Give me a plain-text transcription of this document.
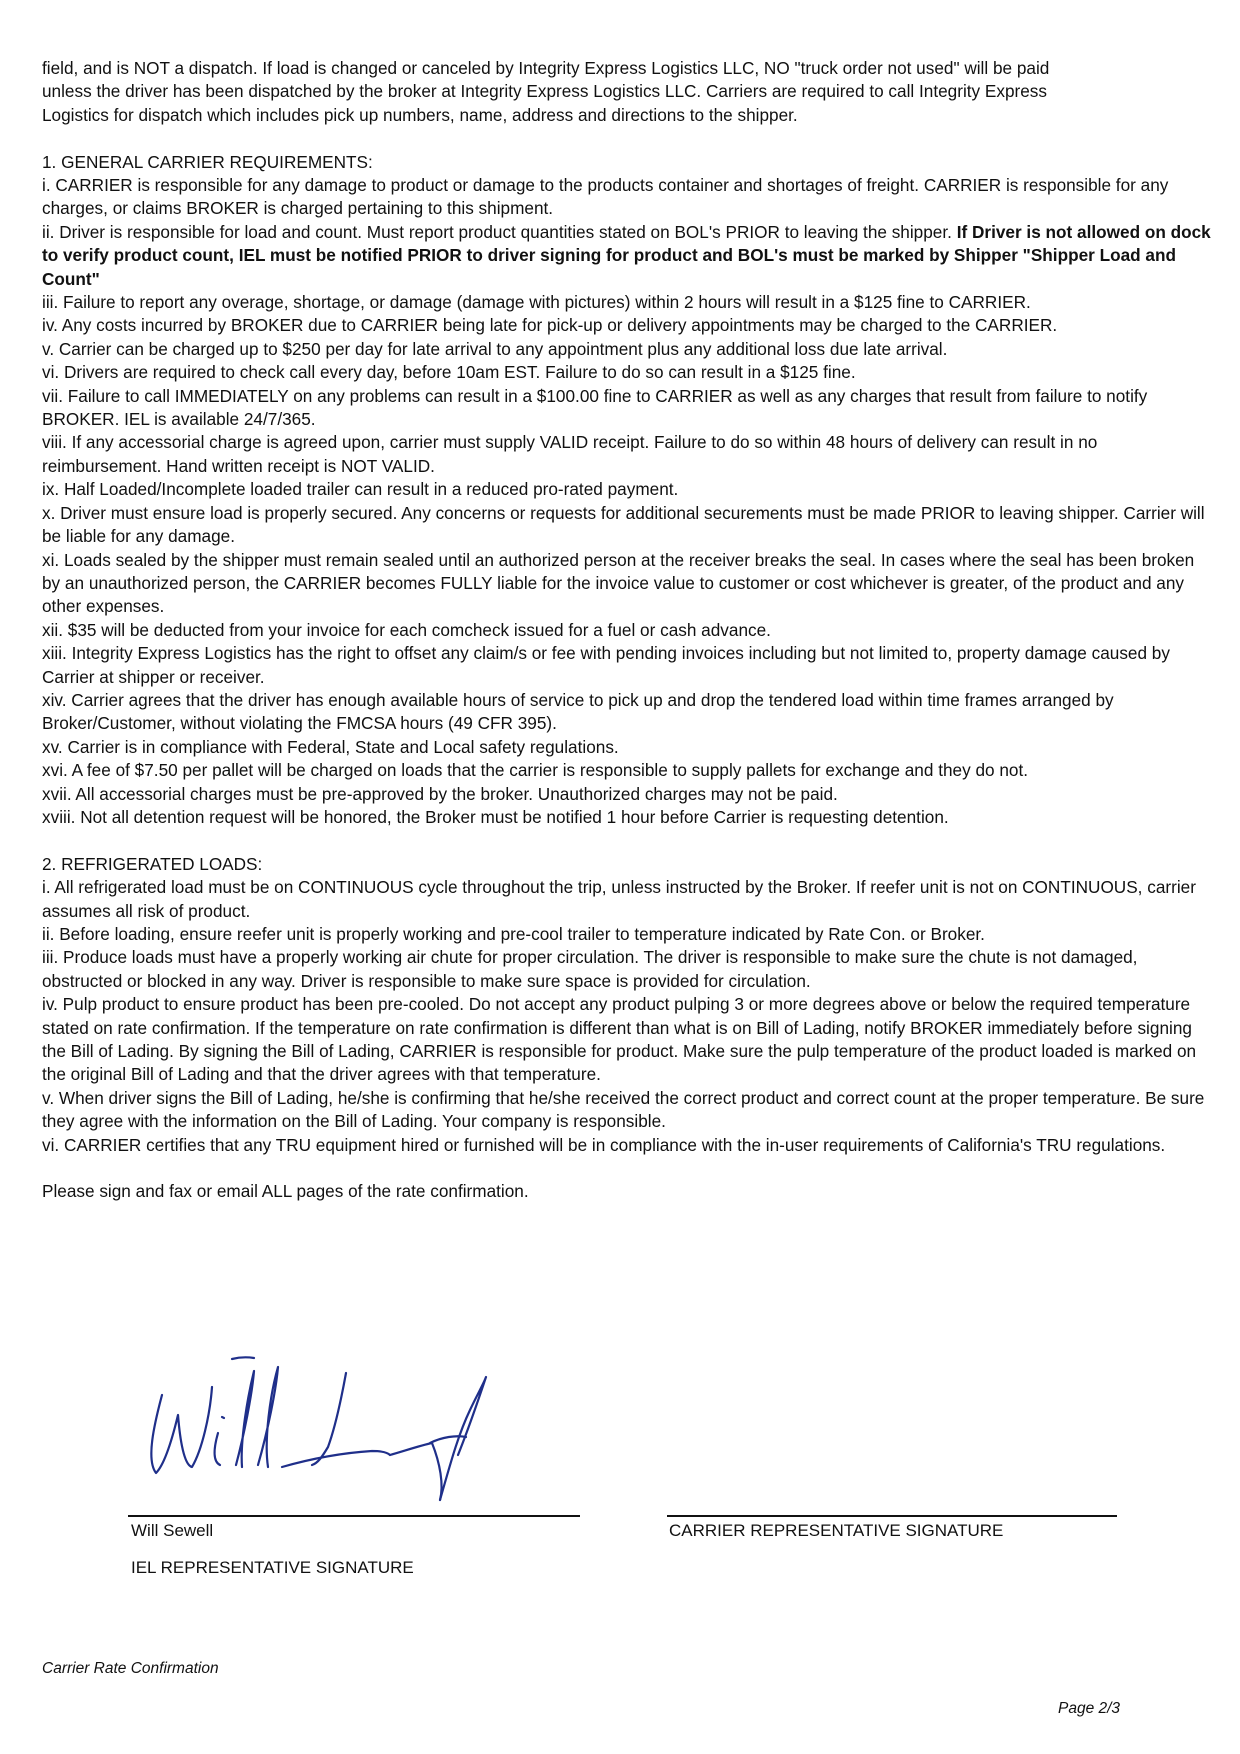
field, and is NOT a dispatch. If load is changed or canceled by Integrity Express Logistics LLC, NO "truck order not used" will be paid

unless the driver has been dispatched by the broker at Integrity Express Logistics LLC. Carriers are required to call Integrity Express

Logistics for dispatch which includes pick up numbers, name, address and directions to the shipper.

1. GENERAL CARRIER REQUIREMENTS:

i. CARRIER is responsible for any damage to product or damage to the products container and shortages of freight. CARRIER is responsible for any charges, or claims BROKER is charged pertaining to this shipment.

ii. Driver is responsible for load and count. Must report product quantities stated on BOL's PRIOR to leaving the shipper. If Driver is not allowed on dock to verify product count, IEL must be notified PRIOR to driver signing for product and BOL's must be marked by Shipper "Shipper Load and Count"

iii. Failure to report any overage, shortage, or damage (damage with pictures) within 2 hours will result in a $125 fine to CARRIER.

iv. Any costs incurred by BROKER due to CARRIER being late for pick-up or delivery appointments may be charged to the CARRIER.

v. Carrier can be charged up to $250 per day for late arrival to any appointment plus any additional loss due late arrival.

vi. Drivers are required to check call every day, before 10am EST. Failure to do so can result in a $125 fine.

vii. Failure to call IMMEDIATELY on any problems can result in a $100.00 fine to CARRIER as well as any charges that result from failure to notify BROKER. IEL is available 24/7/365.

viii. If any accessorial charge is agreed upon, carrier must supply VALID receipt. Failure to do so within 48 hours of delivery can result in no reimbursement. Hand written receipt is NOT VALID.

ix. Half Loaded/Incomplete loaded trailer can result in a reduced pro-rated payment.

x. Driver must ensure load is properly secured. Any concerns or requests for additional securements must be made PRIOR to leaving shipper. Carrier will be liable for any damage.

xi. Loads sealed by the shipper must remain sealed until an authorized person at the receiver breaks the seal. In cases where the seal has been broken by an unauthorized person, the CARRIER becomes FULLY liable for the invoice value to customer or cost whichever is greater, of the product and any other expenses.

xii. $35 will be deducted from your invoice for each comcheck issued for a fuel or cash advance.

xiii. Integrity Express Logistics has the right to offset any claim/s or fee with pending invoices including but not limited to, property damage caused by Carrier at shipper or receiver.

xiv. Carrier agrees that the driver has enough available hours of service to pick up and drop the tendered load within time frames arranged by Broker/Customer, without violating the FMCSA hours (49 CFR 395).

xv. Carrier is in compliance with Federal, State and Local safety regulations.

xvi. A fee of $7.50 per pallet will be charged on loads that the carrier is responsible to supply pallets for exchange and they do not.

xvii. All accessorial charges must be pre-approved by the broker. Unauthorized charges may not be paid.

xviii. Not all detention request will be honored, the Broker must be notified 1 hour before Carrier is requesting detention.

2. REFRIGERATED LOADS:

i. All refrigerated load must be on CONTINUOUS cycle throughout the trip, unless instructed by the Broker. If reefer unit is not on CONTINUOUS, carrier assumes all risk of product.

ii. Before loading, ensure reefer unit is properly working and pre-cool trailer to temperature indicated by Rate Con. or Broker.

iii. Produce loads must have a properly working air chute for proper circulation. The driver is responsible to make sure the chute is not damaged, obstructed or blocked in any way. Driver is responsible to make sure space is provided for circulation.

iv. Pulp product to ensure product has been pre-cooled. Do not accept any product pulping 3 or more degrees above or below the required temperature stated on rate confirmation. If the temperature on rate confirmation is different than what is on Bill of Lading, notify BROKER immediately before signing the Bill of Lading. By signing the Bill of Lading, CARRIER is responsible for product. Make sure the pulp temperature of the product loaded is marked on the original Bill of Lading and that the driver agrees with that temperature.

v. When driver signs the Bill of Lading, he/she is confirming that he/she received the correct product and correct count at the proper temperature. Be sure they agree with the information on the Bill of Lading. Your company is responsible.

vi. CARRIER certifies that any TRU equipment hired or furnished will be in compliance with the in-user requirements of California's TRU regulations.

Please sign and fax or email ALL pages of the rate confirmation.

Will Sewell
IEL REPRESENTATIVE SIGNATURE
CARRIER REPRESENTATIVE SIGNATURE
Carrier Rate Confirmation
Page 2/3
